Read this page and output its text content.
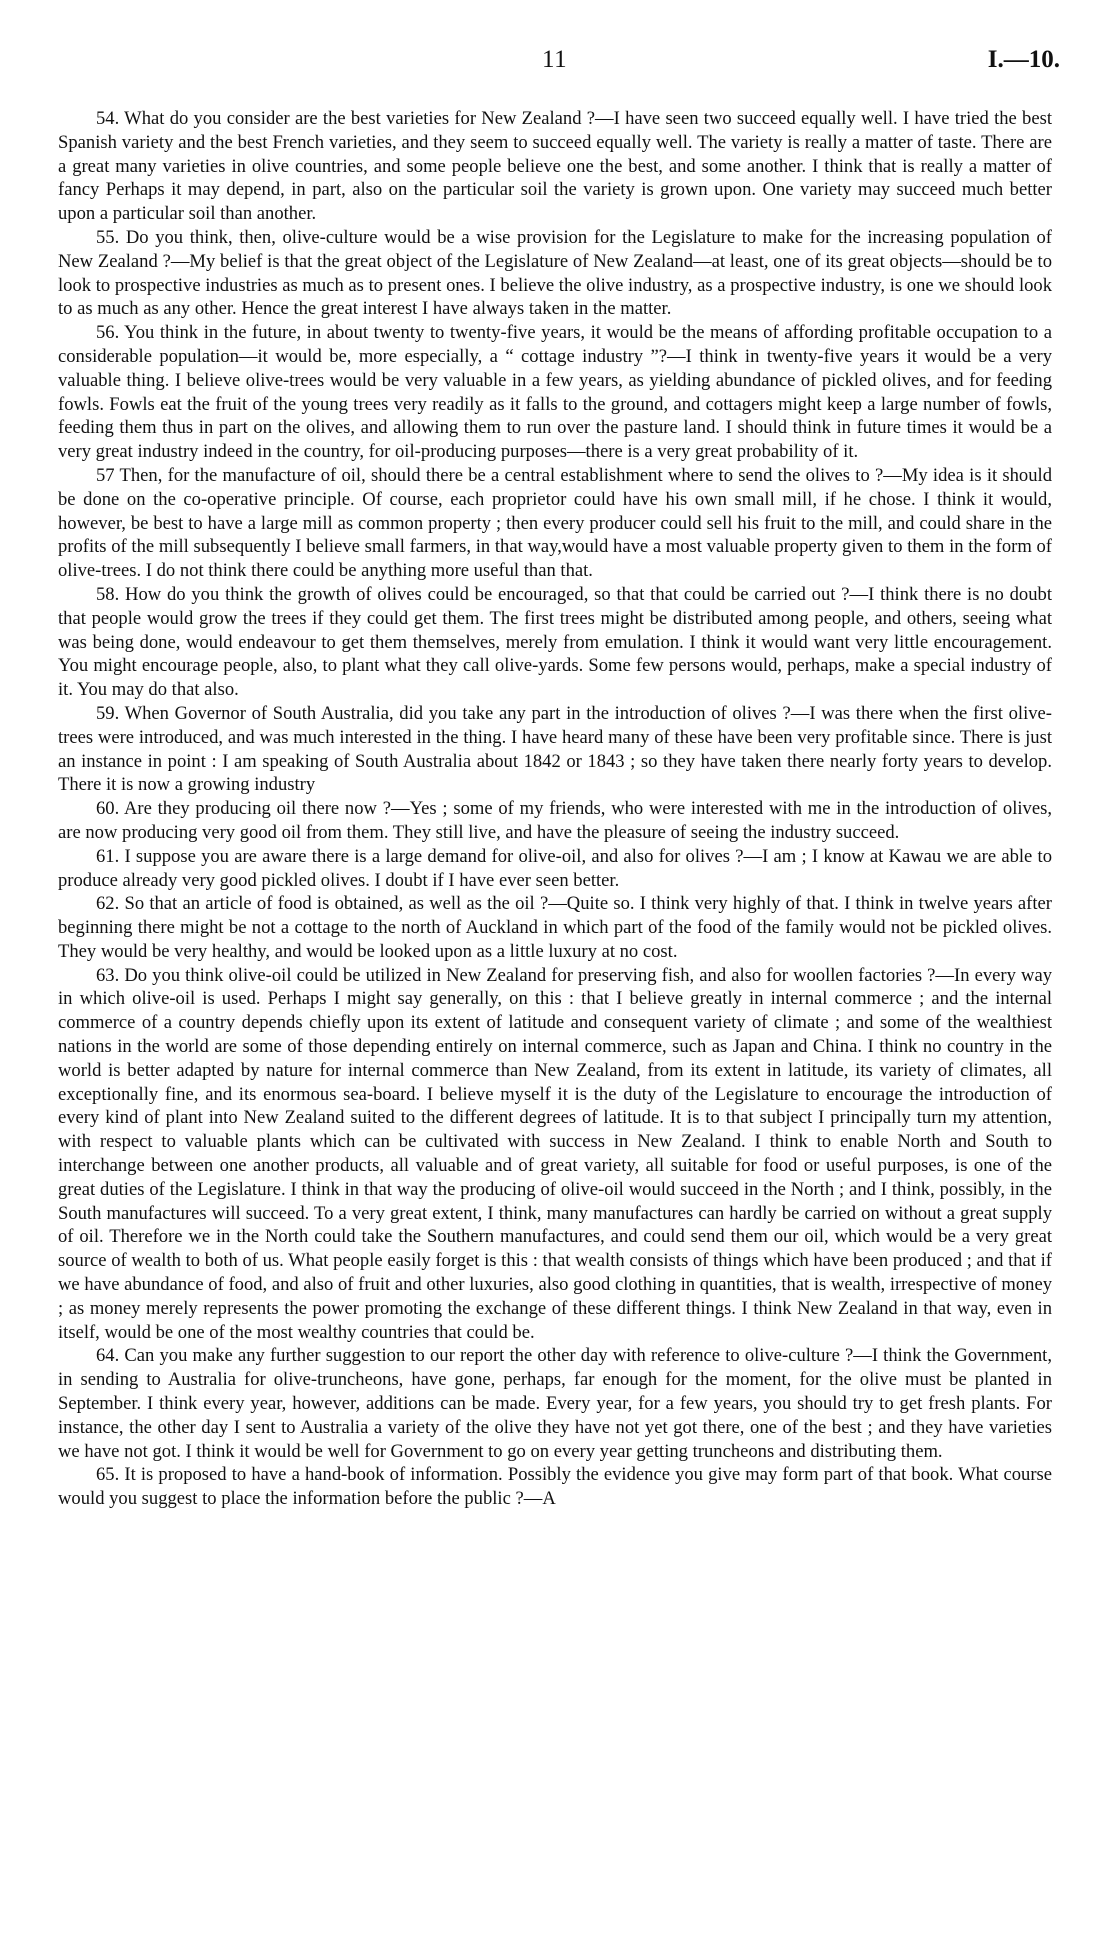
11	I.—10.

54. What do you consider are the best varieties for New Zealand ?—I have seen two succeed equally well. I have tried the best Spanish variety and the best French varieties, and they seem to succeed equally well. The variety is really a matter of taste. There are a great many varieties in olive countries, and some people believe one the best, and some another. I think that is really a matter of fancy Perhaps it may depend, in part, also on the particular soil the variety is grown upon. One variety may succeed much better upon a particular soil than another.

55. Do you think, then, olive-culture would be a wise provision for the Legislature to make for the increasing population of New Zealand ?—My belief is that the great object of the Legislature of New Zealand—at least, one of its great objects—should be to look to prospective industries as much as to present ones. I believe the olive industry, as a prospective industry, is one we should look to as much as any other. Hence the great interest I have always taken in the matter.

56. You think in the future, in about twenty to twenty-five years, it would be the means of affording profitable occupation to a considerable population—it would be, more especially, a “ cottage industry ”?—I think in twenty-five years it would be a very valuable thing. I believe olive-trees would be very valuable in a few years, as yielding abundance of pickled olives, and for feeding fowls. Fowls eat the fruit of the young trees very readily as it falls to the ground, and cottagers might keep a large number of fowls, feeding them thus in part on the olives, and allowing them to run over the pasture land. I should think in future times it would be a very great industry indeed in the country, for oil-producing purposes—there is a very great probability of it.

57 Then, for the manufacture of oil, should there be a central establishment where to send the olives to ?—My idea is it should be done on the co-operative principle. Of course, each proprietor could have his own small mill, if he chose. I think it would, however, be best to have a large mill as common property ; then every producer could sell his fruit to the mill, and could share in the profits of the mill subsequently I believe small farmers, in that way,would have a most valuable property given to them in the form of olive-trees. I do not think there could be anything more useful than that.

58. How do you think the growth of olives could be encouraged, so that that could be carried out ?—I think there is no doubt that people would grow the trees if they could get them. The first trees might be distributed among people, and others, seeing what was being done, would endeavour to get them themselves, merely from emulation. I think it would want very little encouragement. You might encourage people, also, to plant what they call olive-yards. Some few persons would, perhaps, make a special industry of it. You may do that also.

59. When Governor of South Australia, did you take any part in the introduction of olives ?—I was there when the first olive-trees were introduced, and was much interested in the thing. I have heard many of these have been very profitable since. There is just an instance in point : I am speaking of South Australia about 1842 or 1843 ; so they have taken there nearly forty years to develop. There it is now a growing industry

60. Are they producing oil there now ?—Yes ; some of my friends, who were interested with me in the introduction of olives, are now producing very good oil from them. They still live, and have the pleasure of seeing the industry succeed.

61. I suppose you are aware there is a large demand for olive-oil, and also for olives ?—I am ; I know at Kawau we are able to produce already very good pickled olives. I doubt if I have ever seen better.

62. So that an article of food is obtained, as well as the oil ?—Quite so. I think very highly of that. I think in twelve years after beginning there might be not a cottage to the north of Auckland in which part of the food of the family would not be pickled olives. They would be very healthy, and would be looked upon as a little luxury at no cost.

63. Do you think olive-oil could be utilized in New Zealand for preserving fish, and also for woollen factories ?—In every way in which olive-oil is used. Perhaps I might say generally, on this : that I believe greatly in internal commerce ; and the internal commerce of a country depends chiefly upon its extent of latitude and consequent variety of climate ; and some of the wealthiest nations in the world are some of those depending entirely on internal commerce, such as Japan and China. I think no country in the world is better adapted by nature for internal commerce than New Zealand, from its extent in latitude, its variety of climates, all exceptionally fine, and its enormous sea-board. I believe myself it is the duty of the Legislature to encourage the introduction of every kind of plant into New Zealand suited to the different degrees of latitude. It is to that subject I principally turn my attention, with respect to valuable plants which can be cultivated with success in New Zealand. I think to enable North and South to interchange between one another products, all valuable and of great variety, all suitable for food or useful purposes, is one of the great duties of the Legislature. I think in that way the producing of olive-oil would succeed in the North ; and I think, possibly, in the South manufactures will succeed. To a very great extent, I think, many manufactures can hardly be carried on without a great supply of oil. Therefore we in the North could take the Southern manufactures, and could send them our oil, which would be a very great source of wealth to both of us. What people easily forget is this : that wealth consists of things which have been produced ; and that if we have abundance of food, and also of fruit and other luxuries, also good clothing in quantities, that is wealth, irrespective of money ; as money merely represents the power promoting the exchange of these different things. I think New Zealand in that way, even in itself, would be one of the most wealthy countries that could be.

64. Can you make any further suggestion to our report the other day with reference to olive-culture ?—I think the Government, in sending to Australia for olive-truncheons, have gone, perhaps, far enough for the moment, for the olive must be planted in September. I think every year, however, additions can be made. Every year, for a few years, you should try to get fresh plants. For instance, the other day I sent to Australia a variety of the olive they have not yet got there, one of the best ; and they have varieties we have not got. I think it would be well for Government to go on every year getting truncheons and distributing them.

65. It is proposed to have a hand-book of information. Possibly the evidence you give may form part of that book. What course would you suggest to place the information before the public ?—A
